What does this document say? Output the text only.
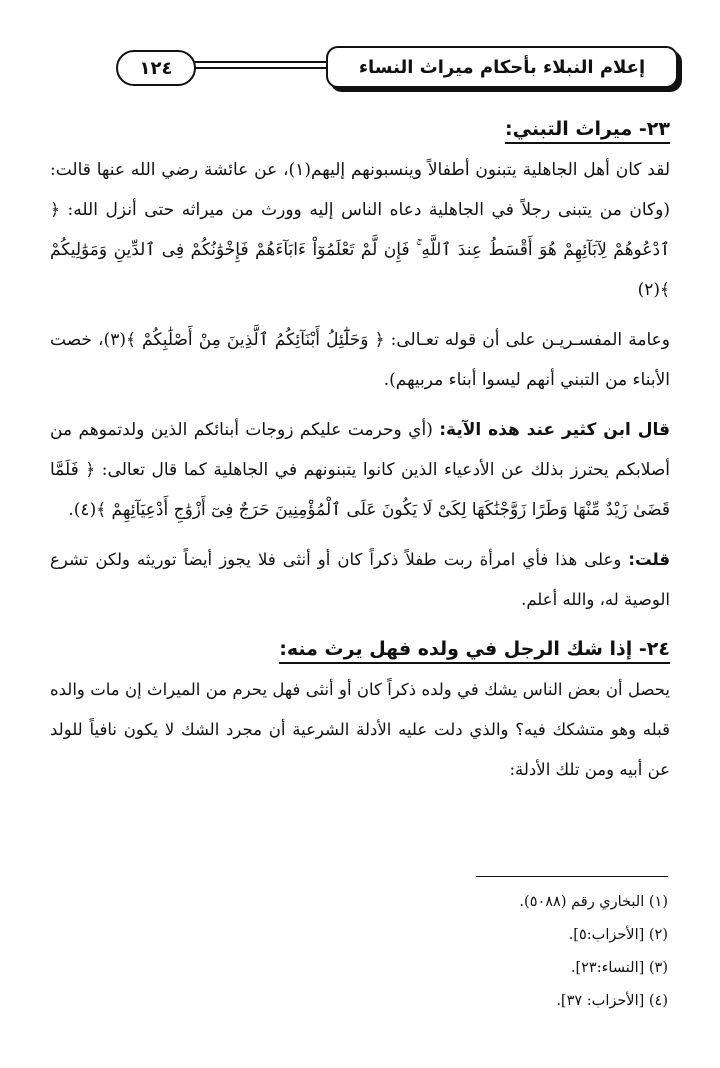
١٢٤	إعلام النبلاء بأحكام ميراث النساء
٢٣- ميراث التبني:

لقد كان أهل الجاهلية يتبنون أطفالاً وينسبونهم إليهم(١)، عن عائشة رضي الله عنها قالت: (وكان من يتبنى رجلاً في الجاهلية دعاه الناس إليه وورث من ميراثه حتى أنزل الله: ﴿ ٱدْعُوهُمْ لِآبَآئِهِمْ هُوَ أَقْسَطُ عِندَ ٱللَّهِ ۚ فَإِن لَّمْ تَعْلَمُوٓاْ ءَابَآءَهُمْ فَإِخْوَٰنُكُمْ فِى ٱلدِّينِ وَمَوَٰلِيكُمْ ﴾(٢)

وعامة المفسـريـن على أن قوله تعـالى: ﴿ وَحَلَٰٓئِلُ أَبْنَآئِكُمُ ٱلَّذِينَ مِنْ أَصْلَٰبِكُمْ ﴾(٣)، خصت الأبناء من التبني أنهم ليسوا أبناء مربيهم).

قال ابن كثير عند هذه الآية: (أي وحرمت عليكم زوجات أبنائكم الذين ولدتموهم من أصلابكم يحترز بذلك عن الأدعياء الذين كانوا يتبنونهم في الجاهلية كما قال تعالى: ﴿ فَلَمَّا قَضَىٰ زَيْدٌ مِّنْهَا وَطَرًا زَوَّجْنَٰكَهَا لِكَىْ لَا يَكُونَ عَلَى ٱلْمُؤْمِنِينَ حَرَجٌ فِىٓ أَزْوَٰجِ أَدْعِيَآئِهِمْ ﴾(٤).

قلت: وعلى هذا فأي امرأة ربت طفلاً ذكراً كان أو أنثى فلا يجوز أيضاً توريثه ولكن تشرع الوصية له، والله أعلم.

٢٤- إذا شك الرجل في ولده فهل يرث منه:

يحصل أن بعض الناس يشك في ولده ذكراً كان أو أنثى فهل يحرم من الميراث إن مات والده قبله وهو متشكك فيه؟ والذي دلت عليه الأدلة الشرعية أن مجرد الشك لا يكون نافياً للولد عن أبيه ومن تلك الأدلة:

(١) البخاري رقم (٥٠٨٨).
(٢) [الأحزاب:٥].
(٣) [النساء:٢٣].
(٤) [الأحزاب: ٣٧].
